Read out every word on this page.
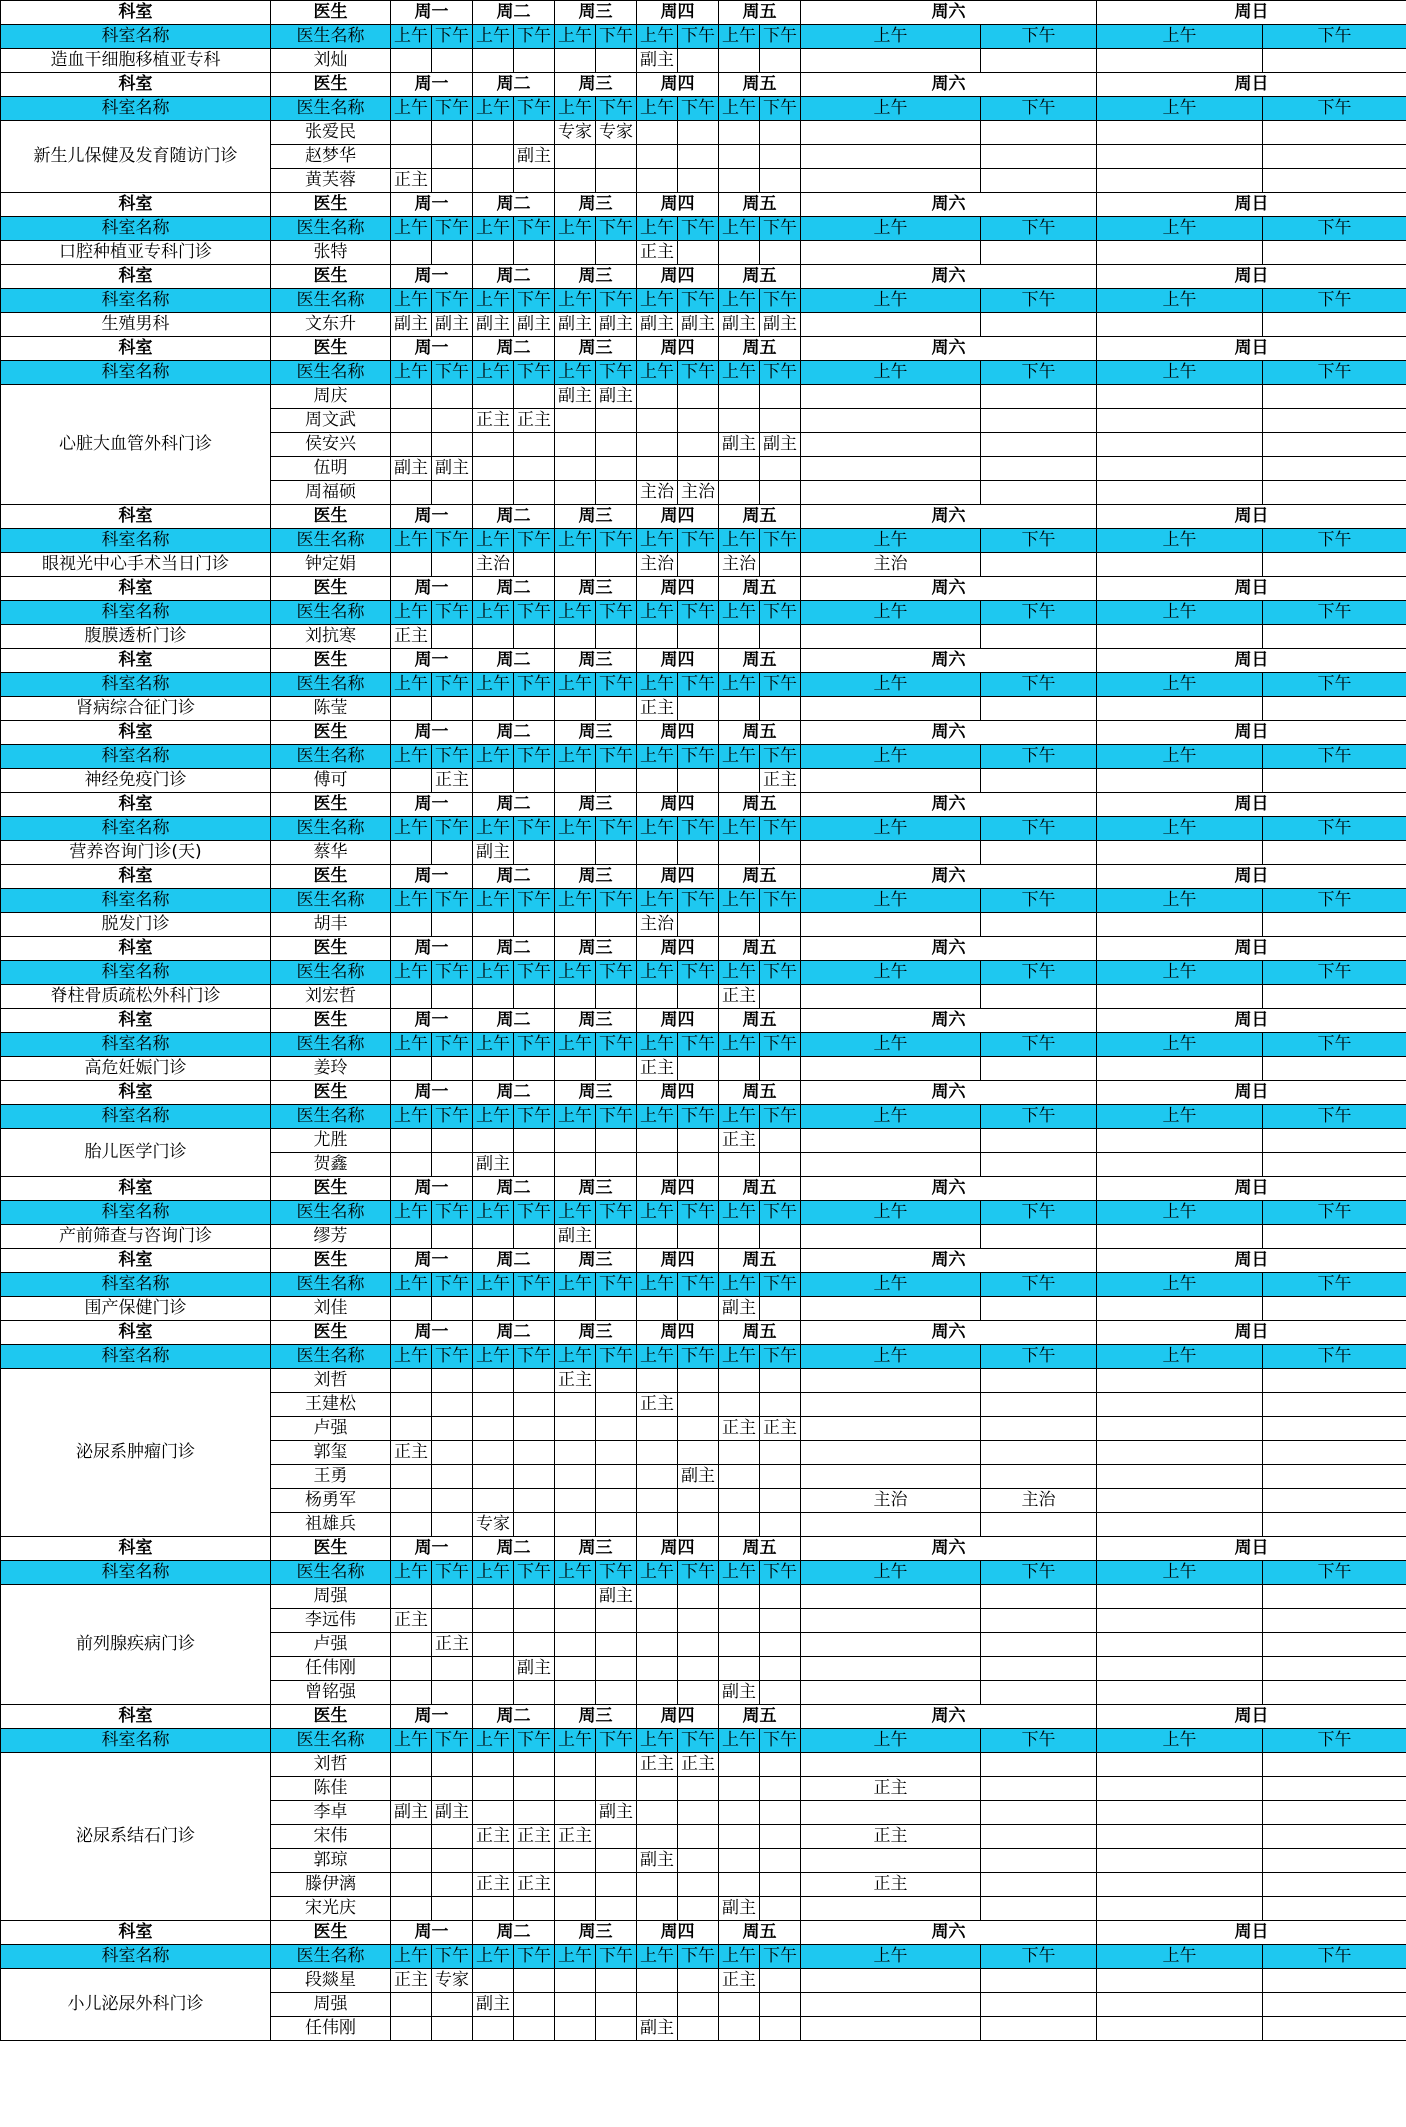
科室	医生	周一		周二		周三		周四		周五		周六		周日	
科室名称	医生名称	上午	下午	上午	下午	上午	下午	上午	下午	上午	下午	上午	下午	上午	下午
造血干细胞移植亚专科	刘灿							副主							
科室	医生	周一		周二		周三		周四		周五		周六		周日	
科室名称	医生名称	上午	下午	上午	下午	上午	下午	上午	下午	上午	下午	上午	下午	上午	下午
新生儿保健及发育随访门诊	张爱民					专家	专家								
	赵梦华				副主										
	黄芙蓉	正主													
科室	医生	周一		周二		周三		周四		周五		周六		周日	
科室名称	医生名称	上午	下午	上午	下午	上午	下午	上午	下午	上午	下午	上午	下午	上午	下午
口腔种植亚专科门诊	张特							正主							
科室	医生	周一		周二		周三		周四		周五		周六		周日	
科室名称	医生名称	上午	下午	上午	下午	上午	下午	上午	下午	上午	下午	上午	下午	上午	下午
生殖男科	文东升	副主	副主	副主	副主	副主	副主	副主	副主	副主	副主				
科室	医生	周一		周二		周三		周四		周五		周六		周日	
科室名称	医生名称	上午	下午	上午	下午	上午	下午	上午	下午	上午	下午	上午	下午	上午	下午
心脏大血管外科门诊	周庆					副主	副主								
	周文武			正主	正主										
	侯安兴									副主	副主				
	伍明	副主	副主												
	周福硕							主治	主治						
科室	医生	周一		周二		周三		周四		周五		周六		周日	
科室名称	医生名称	上午	下午	上午	下午	上午	下午	上午	下午	上午	下午	上午	下午	上午	下午
眼视光中心手术当日门诊	钟定娟			主治				主治		主治		主治			
科室	医生	周一		周二		周三		周四		周五		周六		周日	
科室名称	医生名称	上午	下午	上午	下午	上午	下午	上午	下午	上午	下午	上午	下午	上午	下午
腹膜透析门诊	刘抗寒	正主													
科室	医生	周一		周二		周三		周四		周五		周六		周日	
科室名称	医生名称	上午	下午	上午	下午	上午	下午	上午	下午	上午	下午	上午	下午	上午	下午
肾病综合征门诊	陈莹							正主							
科室	医生	周一		周二		周三		周四		周五		周六		周日	
科室名称	医生名称	上午	下午	上午	下午	上午	下午	上午	下午	上午	下午	上午	下午	上午	下午
神经免疫门诊	傅可		正主								正主				
科室	医生	周一		周二		周三		周四		周五		周六		周日	
科室名称	医生名称	上午	下午	上午	下午	上午	下午	上午	下午	上午	下午	上午	下午	上午	下午
营养咨询门诊(天)	蔡华			副主											
科室	医生	周一		周二		周三		周四		周五		周六		周日	
科室名称	医生名称	上午	下午	上午	下午	上午	下午	上午	下午	上午	下午	上午	下午	上午	下午
脱发门诊	胡丰							主治							
科室	医生	周一		周二		周三		周四		周五		周六		周日	
科室名称	医生名称	上午	下午	上午	下午	上午	下午	上午	下午	上午	下午	上午	下午	上午	下午
脊柱骨质疏松外科门诊	刘宏哲									正主					
科室	医生	周一		周二		周三		周四		周五		周六		周日	
科室名称	医生名称	上午	下午	上午	下午	上午	下午	上午	下午	上午	下午	上午	下午	上午	下午
高危妊娠门诊	姜玲							正主							
科室	医生	周一		周二		周三		周四		周五		周六		周日	
科室名称	医生名称	上午	下午	上午	下午	上午	下午	上午	下午	上午	下午	上午	下午	上午	下午
胎儿医学门诊	尤胜									正主					
	贺鑫			副主											
科室	医生	周一		周二		周三		周四		周五		周六		周日	
科室名称	医生名称	上午	下午	上午	下午	上午	下午	上午	下午	上午	下午	上午	下午	上午	下午
产前筛查与咨询门诊	缪芳					副主									
科室	医生	周一		周二		周三		周四		周五		周六		周日	
科室名称	医生名称	上午	下午	上午	下午	上午	下午	上午	下午	上午	下午	上午	下午	上午	下午
围产保健门诊	刘佳									副主					
科室	医生	周一		周二		周三		周四		周五		周六		周日	
科室名称	医生名称	上午	下午	上午	下午	上午	下午	上午	下午	上午	下午	上午	下午	上午	下午
泌尿系肿瘤门诊	刘哲					正主									
	王建松							正主							
	卢强									正主	正主				
	郭玺	正主													
	王勇								副主						
	杨勇军											主治	主治		
	祖雄兵			专家											
科室	医生	周一		周二		周三		周四		周五		周六		周日	
科室名称	医生名称	上午	下午	上午	下午	上午	下午	上午	下午	上午	下午	上午	下午	上午	下午
前列腺疾病门诊	周强						副主								
	李远伟	正主													
	卢强		正主												
	任伟刚				副主										
	曾铭强									副主					
科室	医生	周一		周二		周三		周四		周五		周六		周日	
科室名称	医生名称	上午	下午	上午	下午	上午	下午	上午	下午	上午	下午	上午	下午	上午	下午
泌尿系结石门诊	刘哲							正主	正主						
	陈佳											正主			
	李卓	副主	副主				副主								
	宋伟			正主	正主	正主						正主			
	郭琼							副主							
	滕伊漓			正主	正主							正主			
	宋光庆									副主					
科室	医生	周一		周二		周三		周四		周五		周六		周日	
科室名称	医生名称	上午	下午	上午	下午	上午	下午	上午	下午	上午	下午	上午	下午	上午	下午
小儿泌尿外科门诊	段燚星	正主	专家							正主					
	周强			副主											
	任伟刚							副主							
